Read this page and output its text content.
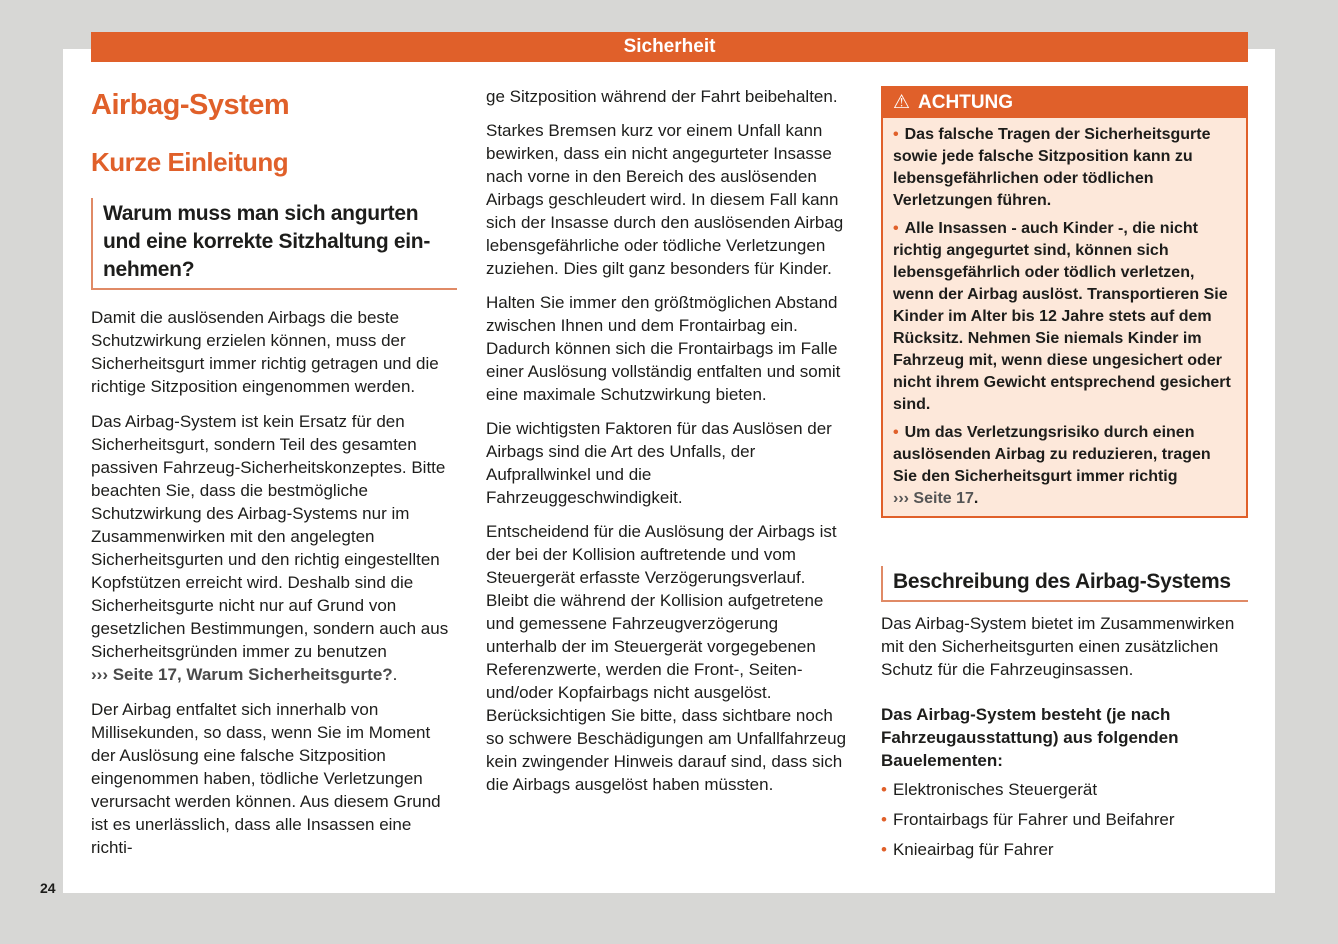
Sicherheit
Airbag-System
Kurze Einleitung
Warum muss man sich angurten und eine korrekte Sitzhaltung ein-nehmen?

Damit die auslösenden Airbags die beste Schutzwirkung erzielen können, muss der Sicherheitsgurt immer richtig getragen und die richtige Sitzposition eingenommen werden.

Das Airbag-System ist kein Ersatz für den Sicherheitsgurt, sondern Teil des gesamten passiven Fahrzeug-Sicherheitskonzeptes. Bitte beachten Sie, dass die bestmögliche Schutzwirkung des Airbag-Systems nur im Zusammenwirken mit den angelegten Sicherheitsgurten und den richtig eingestellten Kopfstützen erreicht wird. Deshalb sind die Sicherheitsgurte nicht nur auf Grund von gesetzlichen Bestimmungen, sondern auch aus Sicherheitsgründen immer zu benutzen
››› Seite 17, Warum Sicherheitsgurte?.

Der Airbag entfaltet sich innerhalb von Millisekunden, so dass, wenn Sie im Moment der Auslösung eine falsche Sitzposition eingenommen haben, tödliche Verletzungen verursacht werden können. Aus diesem Grund ist es unerlässlich, dass alle Insassen eine richti-

ge Sitzposition während der Fahrt beibehalten.

Starkes Bremsen kurz vor einem Unfall kann bewirken, dass ein nicht angegurteter Insasse nach vorne in den Bereich des auslösenden Airbags geschleudert wird. In diesem Fall kann sich der Insasse durch den auslösenden Airbag lebensgefährliche oder tödliche Verletzungen zuziehen. Dies gilt ganz besonders für Kinder.

Halten Sie immer den größtmöglichen Abstand zwischen Ihnen und dem Frontairbag ein. Dadurch können sich die Frontairbags im Falle einer Auslösung vollständig entfalten und somit eine maximale Schutzwirkung bieten.

Die wichtigsten Faktoren für das Auslösen der Airbags sind die Art des Unfalls, der Aufprallwinkel und die Fahrzeuggeschwindigkeit.

Entscheidend für die Auslösung der Airbags ist der bei der Kollision auftretende und vom Steuergerät erfasste Verzögerungsverlauf. Bleibt die während der Kollision aufgetretene und gemessene Fahrzeugverzögerung unterhalb der im Steuergerät vorgegebenen Referenzwerte, werden die Front-, Seiten- und/oder Kopfairbags nicht ausgelöst. Berücksichtigen Sie bitte, dass sichtbare noch so schwere Beschädigungen am Unfallfahrzeug kein zwingender Hinweis darauf sind, dass sich die Airbags ausgelöst haben müssten.

⚠ ACHTUNG
• Das falsche Tragen der Sicherheitsgurte sowie jede falsche Sitzposition kann zu lebensgefährlichen oder tödlichen Verletzungen führen.
• Alle Insassen - auch Kinder -, die nicht richtig angegurtet sind, können sich lebensgefährlich oder tödlich verletzen, wenn der Airbag auslöst. Transportieren Sie Kinder im Alter bis 12 Jahre stets auf dem Rücksitz. Nehmen Sie niemals Kinder im Fahrzeug mit, wenn diese ungesichert oder nicht ihrem Gewicht entsprechend gesichert sind.
• Um das Verletzungsrisiko durch einen auslösenden Airbag zu reduzieren, tragen Sie den Sicherheitsgurt immer richtig
››› Seite 17.
Beschreibung des Airbag-Systems

Das Airbag-System bietet im Zusammenwirken mit den Sicherheitsgurten einen zusätzlichen Schutz für die Fahrzeuginsassen.

Das Airbag-System besteht (je nach Fahrzeugausstattung) aus folgenden Bauelementen:

• Elektronisches Steuergerät
• Frontairbags für Fahrer und Beifahrer
• Knieairbag für Fahrer
24
